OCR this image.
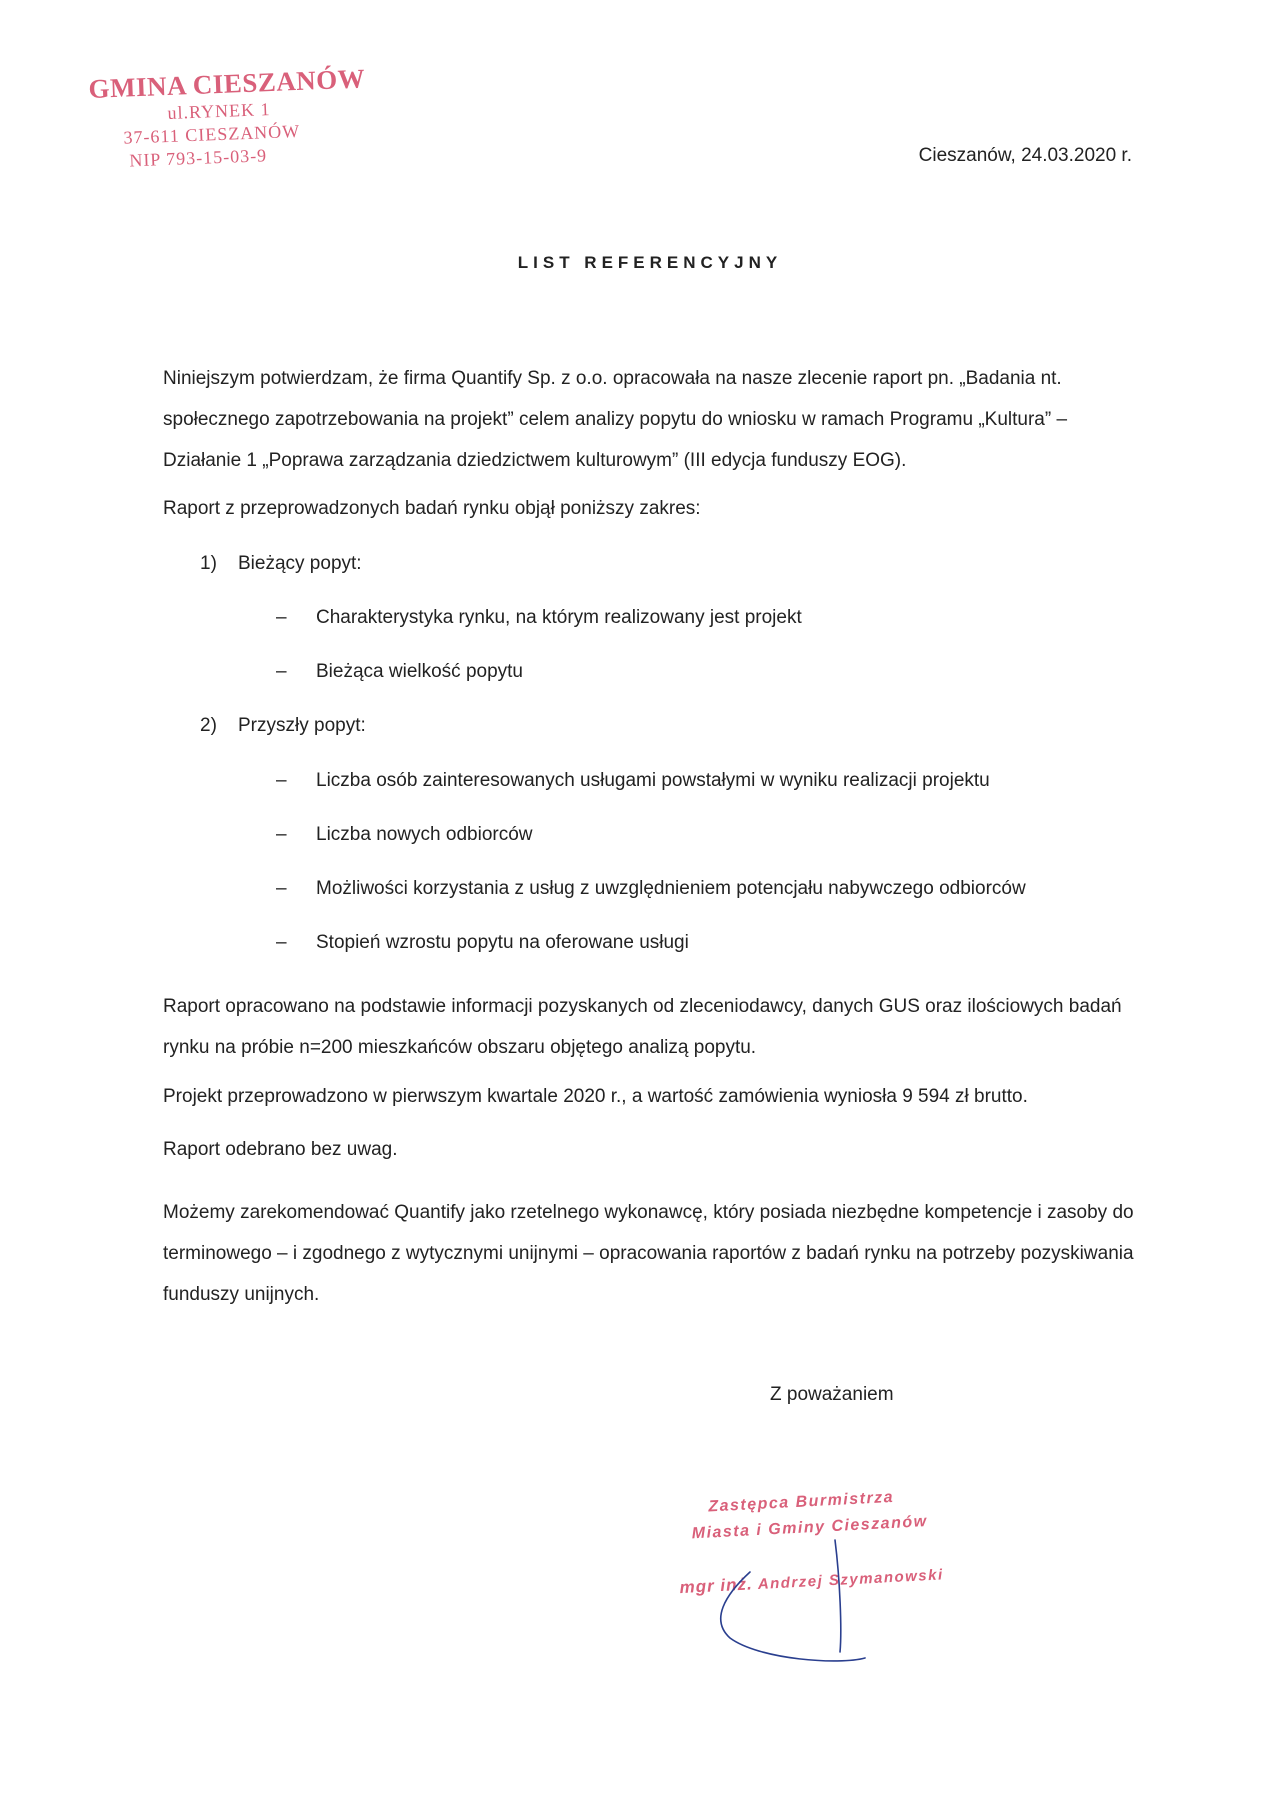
GMINA CIESZANÓW
ul.RYNEK 1
37-611 CIESZANÓW
NIP 793-15-03-9	Cieszanów, 24.03.2020 r.
LIST REFERENCYJNY
Niniejszym potwierdzam, że firma Quantify Sp. z o.o. opracowała na nasze zlecenie raport pn. „Badania nt. społecznego zapotrzebowania na projekt” celem analizy popytu do wniosku w ramach Programu „Kultura” – Działanie 1 „Poprawa zarządzania dziedzictwem kulturowym” (III edycja funduszy EOG).
Raport z przeprowadzonych badań rynku objął poniższy zakres:
1) Bieżący popyt:
– Charakterystyka rynku, na którym realizowany jest projekt
– Bieżąca wielkość popytu
2) Przyszły popyt:
– Liczba osób zainteresowanych usługami powstałymi w wyniku realizacji projektu
– Liczba nowych odbiorców
– Możliwości korzystania z usług z uwzględnieniem potencjału nabywczego odbiorców
– Stopień wzrostu popytu na oferowane usługi
Raport opracowano na podstawie informacji pozyskanych od zleceniodawcy, danych GUS oraz ilościowych badań rynku na próbie n=200 mieszkańców obszaru objętego analizą popytu.
Projekt przeprowadzono w pierwszym kwartale 2020 r., a wartość zamówienia wyniosła 9 594 zł brutto.
Raport odebrano bez uwag.
Możemy zarekomendować Quantify jako rzetelnego wykonawcę, który posiada niezbędne kompetencje i zasoby do terminowego – i zgodnego z wytycznymi unijnymi – opracowania raportów z badań rynku na potrzeby pozyskiwania funduszy unijnych.
Z poważaniem
Zastępca Burmistrza
Miasta i Gminy Cieszanów
mgr inż. Andrzej Szymanowski
